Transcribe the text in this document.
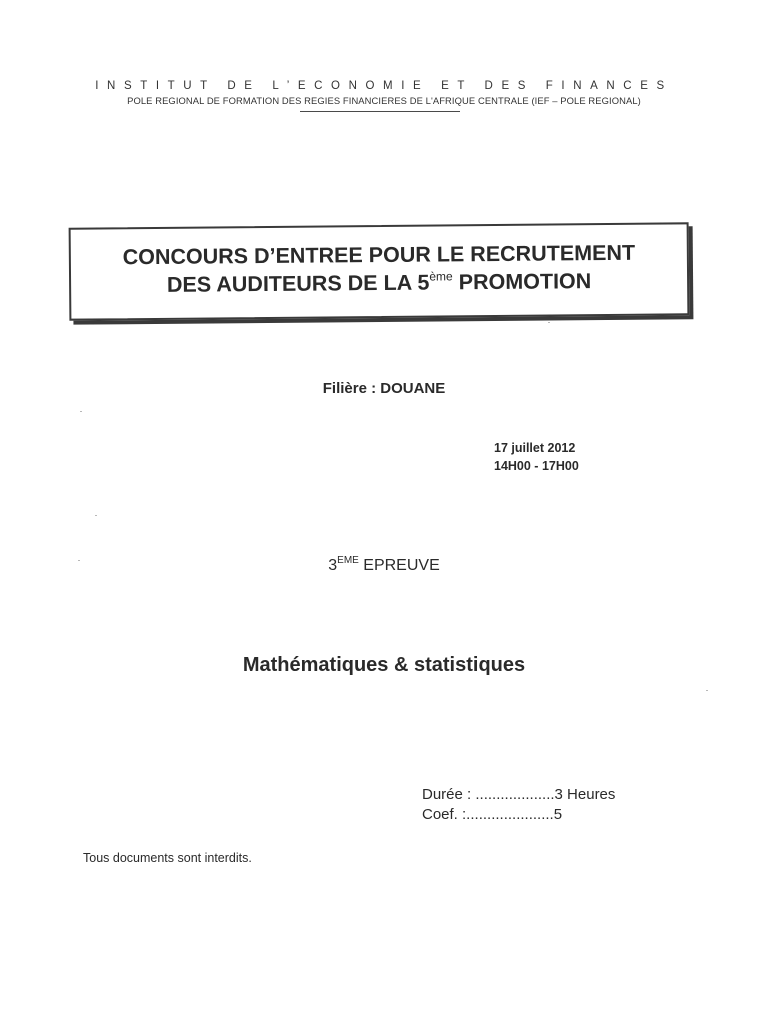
INSTITUT DE L’ECONOMIE ET DES FINANCES
POLE REGIONAL DE FORMATION DES REGIES FINANCIERES DE L'AFRIQUE CENTRALE (IEF – POLE REGIONAL)
CONCOURS D’ENTREE POUR LE RECRUTEMENT
DES AUDITEURS DE LA 5ème PROMOTION
Filière : DOUANE
17 juillet 2012
14H00 - 17H00
3EME EPREUVE
Mathématiques & statistiques
Durée : ...................3 Heures
Coef. :.....................5
Tous documents sont interdits.
